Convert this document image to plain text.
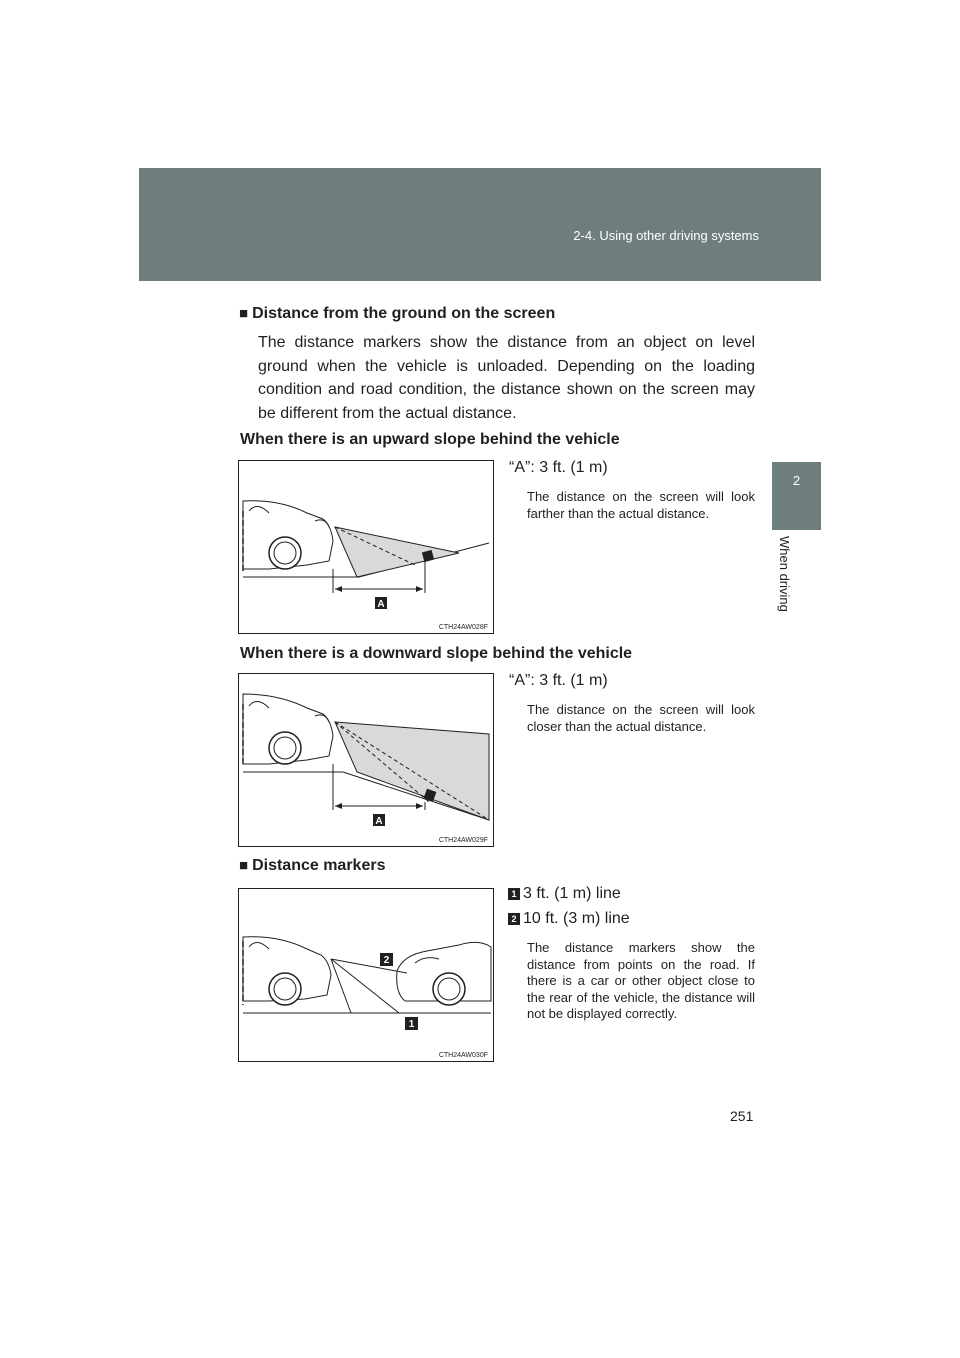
2-4. Using other driving systems
2
When driving
■ Distance from the ground on the screen
The distance markers show the distance from an object on level ground when the vehicle is unloaded. Depending on the loading condition and road condition, the distance shown on the screen may be different from the actual distance.
When there is an upward slope behind the vehicle
A
CTH24AW028F
“A”: 3 ft. (1 m)
The distance on the screen will look farther than the actual distance.
When there is a downward slope behind the vehicle
A
CTH24AW029F
“A”: 3 ft. (1 m)
The distance on the screen will look closer than the actual distance.
■ Distance markers
2
1
CTH24AW030F
1 3 ft. (1 m) line
2 10 ft. (3 m) line
The distance markers show the distance from points on the road. If there is a car or other object close to the rear of the vehicle, the distance will not be displayed correctly.
251
